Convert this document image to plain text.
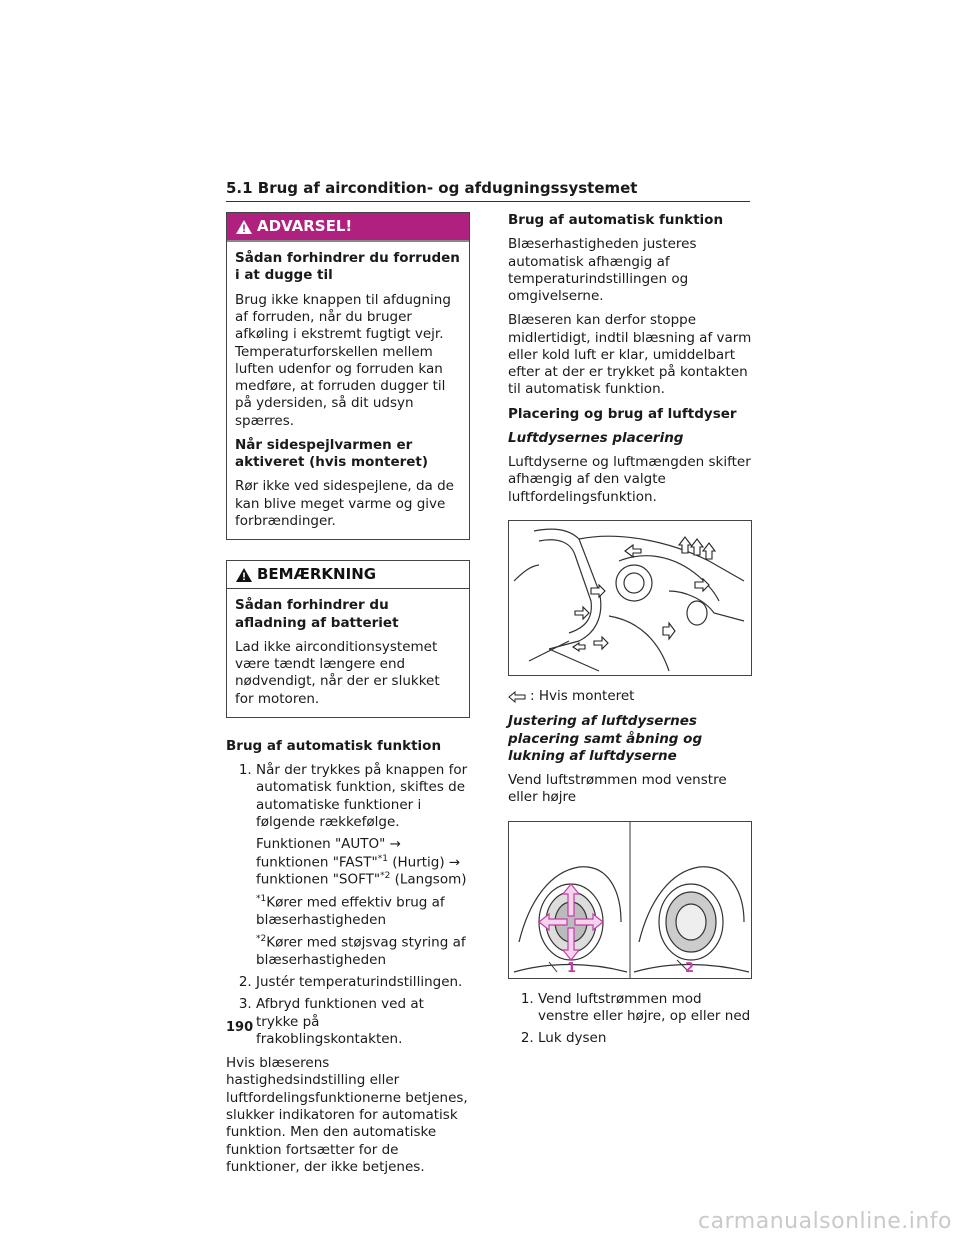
5.1 Brug af aircondition- og afdugningssystemet
ADVARSEL!

Sådan forhindrer du forruden i at dugge til

Brug ikke knappen til afdugning af forruden, når du bruger afkøling i ekstremt fugtigt vejr. Temperaturforskellen mellem luften udenfor og forruden kan medføre, at forruden dugger til på ydersiden, så dit udsyn spærres.

Når sidespejlvarmen er aktiveret (hvis monteret)

Rør ikke ved sidespejlene, da de kan blive meget varme og give forbrændinger.

BEMÆRKNING

Sådan forhindrer du afladning af batteriet

Lad ikke airconditionsystemet være tændt længere end nødvendigt, når der er slukket for motoren.

Brug af automatisk funktion

1. Når der trykkes på knappen for automatisk funktion, skiftes de automatiske funktioner i følgende rækkefølge.
Funktionen "AUTO" → funktionen "FAST"$^{*1}$ (Hurtig) → funktionen "SOFT"$^{*2}$ (Langsom)
$^{*1}$Kører med effektiv brug af blæserhastigheden
$^{*2}$Kører med støjsvag styring af blæserhastigheden
2. Justér temperaturindstillingen.
3. Afbryd funktionen ved at trykke på frakoblingskontakten.

Hvis blæserens hastighedsindstilling eller luftfordelingsfunktionerne betjenes, slukker indikatoren for automatisk funktion. Men den automatiske funktion fortsætter for de funktioner, der ikke betjenes.

Brug af automatisk funktion

Blæserhastigheden justeres automatisk afhængig af temperaturindstillingen og omgivelserne.

Blæseren kan derfor stoppe midlertidigt, indtil blæsning af varm eller kold luft er klar, umiddelbart efter at der er trykket på kontakten til automatisk funktion.

Placering og brug af luftdyser

Luftdysernes placering

Luftdyserne og luftmængden skifter afhængig af den valgte luftfordelingsfunktion.

: Hvis monteret

Justering af luftdysernes placering samt åbning og lukning af luftdyserne

Vend luftstrømmen mod venstre eller højre

1	2
1. Vend luftstrømmen mod venstre eller højre, op eller ned
2. Luk dysen
190
carmanualsonline.info
